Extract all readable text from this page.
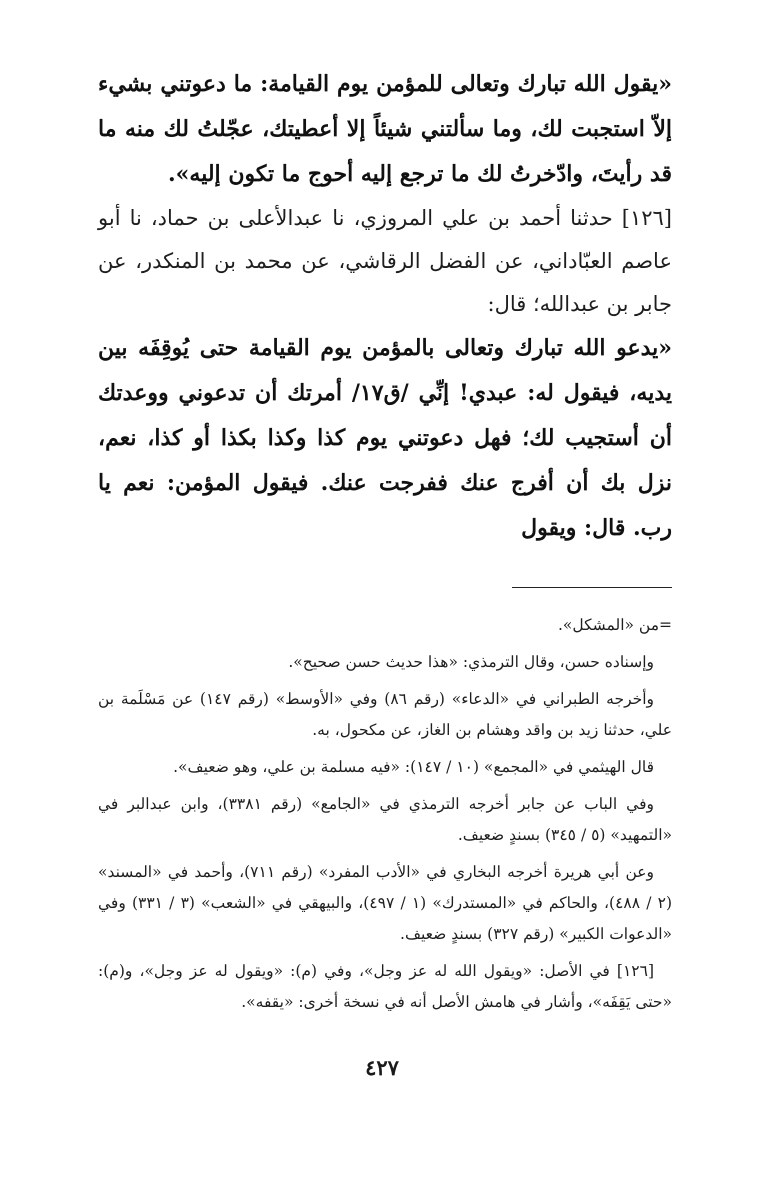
«يقول الله تبارك وتعالى للمؤمن يوم القيامة: ما دعوتني بشيء إلاّ استجبت لك، وما سألتني شيئاً إلا أعطيتك، عجّلتُ لك منه ما قد رأيتَ، وادّخرتُ لك ما ترجع إليه أحوج ما تكون إليه».

[١٢٦] حدثنا أحمد بن علي المروزي، نا عبدالأعلى بن حماد، نا أبو عاصم العبّاداني، عن الفضل الرقاشي، عن محمد بن المنكدر، عن جابر بن عبدالله؛ قال:

«يدعو الله تبارك وتعالى بالمؤمن يوم القيامة حتى يُوقِفَه بين يديه، فيقول له: عبدي! إنِّي /ق١٧/ أمرتك أن تدعوني ووعدتك أن أستجيب لك؛ فهل دعوتني يوم كذا وكذا بكذا أو كذا، نعم، نزل بك أن أفرج عنك ففرجت عنك. فيقول المؤمن: نعم يا رب. قال: ويقول

=من «المشكل».

وإسناده حسن، وقال الترمذي: «هذا حديث حسن صحيح».

وأخرجه الطبراني في «الدعاء» (رقم ٨٦) وفي «الأوسط» (رقم ١٤٧) عن مَسْلَمة بن علي، حدثنا زيد بن واقد وهشام بن الغاز، عن مكحول، به.

قال الهيثمي في «المجمع» (١٠ / ١٤٧): «فيه مسلمة بن علي، وهو ضعيف».

وفي الباب عن جابر أخرجه الترمذي في «الجامع» (رقم ٣٣٨١)، وابن عبدالبر في «التمهيد» (٥ / ٣٤٥) بسندٍ ضعيف.

وعن أبي هريرة أخرجه البخاري في «الأدب المفرد» (رقم ٧١١)، وأحمد في «المسند» (٢ / ٤٨٨)، والحاكم في «المستدرك» (١ / ٤٩٧)، والبيهقي في «الشعب» (٣ / ٣٣١) وفي «الدعوات الكبير» (رقم ٣٢٧) بسندٍ ضعيف.

[١٢٦] في الأصل: «ويقول الله له عز وجل»، وفي (م): «ويقول له عز وجل»، و(م): «حتى يَقِفَه»، وأشار في هامش الأصل أنه في نسخة أخرى: «يقفه».

٤٢٧
